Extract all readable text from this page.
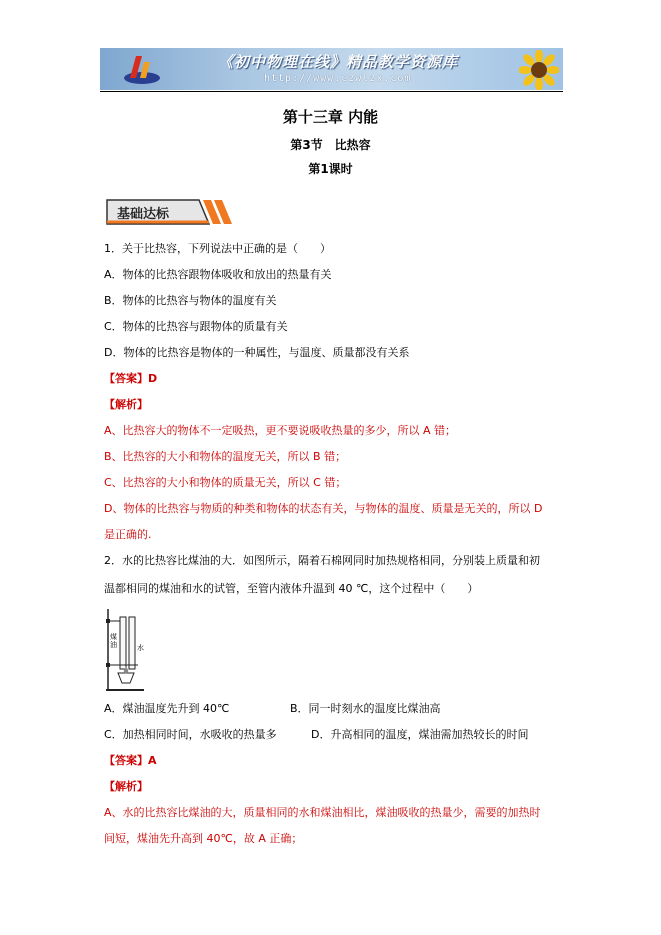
《初中物理在线》精品教学资源库
http://www.czwlzx.com
第十三章 内能
第3节　比热容
第1课时
基础达标
1．关于比热容，下列说法中正确的是（　　）
A．物体的比热容跟物体吸收和放出的热量有关
B．物体的比热容与物体的温度有关
C．物体的比热容与跟物体的质量有关
D．物体的比热容是物体的一种属性，与温度、质量都没有关系
【答案】D
【解析】
A、比热容大的物体不一定吸热，更不要说吸收热量的多少，所以 A 错；
B、比热容的大小和物体的温度无关，所以 B 错；
C、比热容的大小和物体的质量无关，所以 C 错；
D、物体的比热容与物质的种类和物体的状态有关，与物体的温度、质量是无关的，所以 D
是正确的.
2．水的比热容比煤油的大．如图所示，隔着石棉网同时加热规格相同，分别装上质量和初
温都相同的煤油和水的试管，至管内液体升温到 40 ℃，这个过程中（　　）
煤油	水
A．煤油温度先升到 40℃	B．同一时刻水的温度比煤油高
C．加热相同时间，水吸收的热量多	D．升高相同的温度，煤油需加热较长的时间
【答案】A
【解析】
A、水的比热容比煤油的大，质量相同的水和煤油相比，煤油吸收的热量少，需要的加热时
间短，煤油先升高到 40℃，故 A 正确；
